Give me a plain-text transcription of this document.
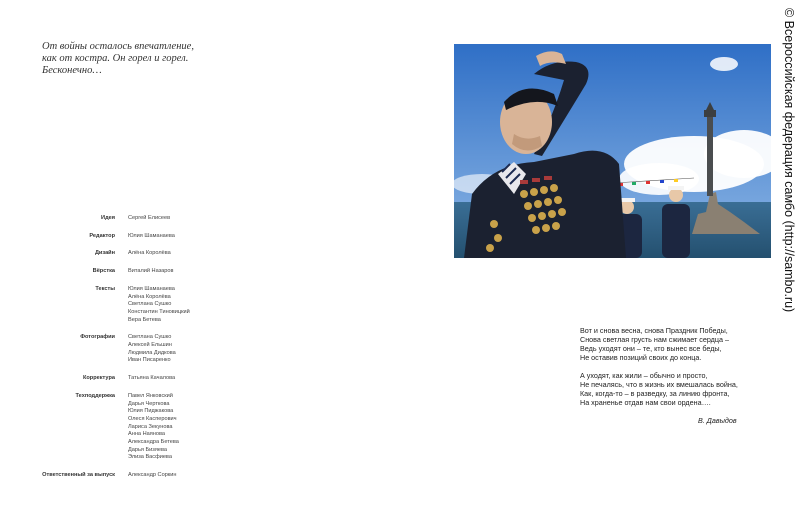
От войны осталось впечатление,
как от костра. Он горел и горел.
Бесконечно…
Идея Сергей Елисеев
Редактор Юлия Шаманаева
Дизайн Алёна Королёва
Вёрстка Виталий Назаров
Тексты Юлия Шаманаева
Алёна Королёва
Светлана Сушко
Константин Тиновицкий
Вера Бетева
Фотографии Светлана Сушко
Алексей Ельшин
Людмила Дидкова
Иван Писаренко
Корректура Татьяна Качалова
Техподдержка Павел Янковский
Дарья Черткова
Юлия Пиджакова
Олеся Касперович
Лариса Зекунова
Анна Наянова
Александра Бетева
Дарья Бизяева
Элиза Васфиева
Ответственный за выпуск Александр Соркин
Вот и снова весна, снова Праздник Победы,
Снова светлая грусть нам сжимает сердца –
Ведь уходят они – те, кто вынес все беды,
Не оставив позиций своих до конца.
А уходят, как жили – обычно и просто,
Не печалясь, что в жизнь их вмешалась война,
Как, когда-то – в разведку, за линию фронта,
На храненье отдав нам свои ордена….
В. Давыдов
© Всероссийская федерация самбо (http://sambo.ru)
